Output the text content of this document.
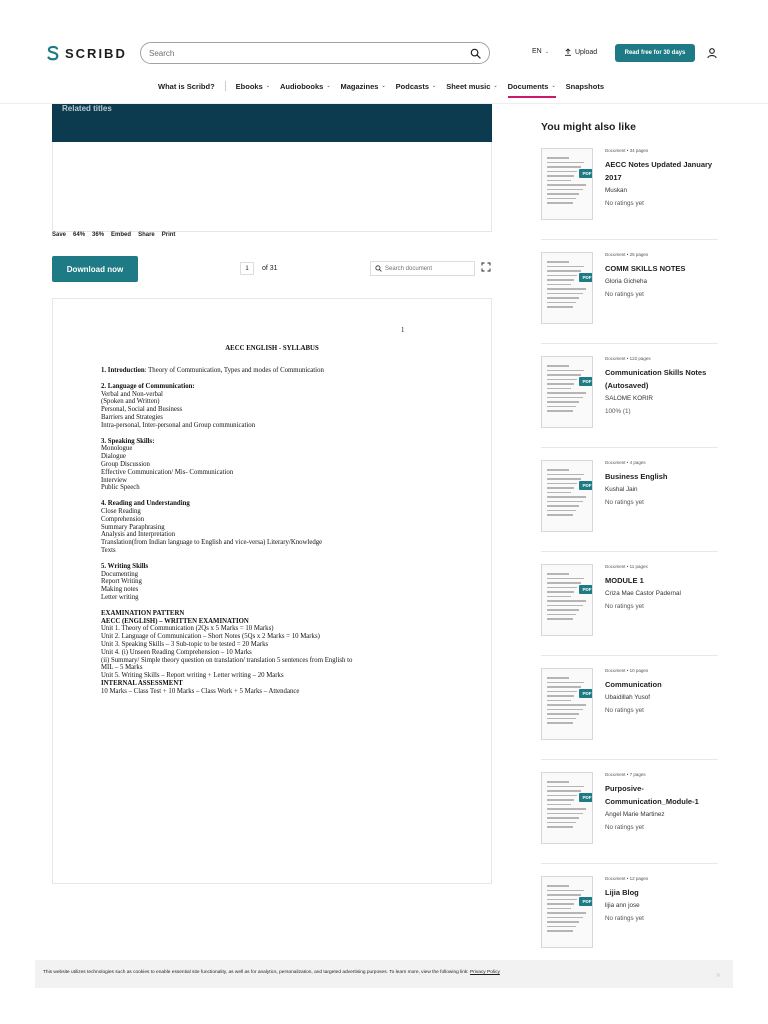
SCRIBD	Search	EN ⌄	Upload	Read free for 30 days
What is Scribd?	Ebooks ⌄ Audiobooks ⌄ Magazines ⌄ Podcasts ⌄ Sheet music ⌄ Documents ⌄ Snapshots
Related titles
Save 64% 36% Embed Share Print
Download now	1	of 31	Search document
1
AECC ENGLISH - SYLLABUS
1. Introduction: Theory of Communication, Types and modes of Communication
2. Language of Communication:
Verbal and Non-verbal
(Spoken and Written)
Personal, Social and Business
Barriers and Strategies
Intra-personal, Inter-personal and Group communication
3. Speaking Skills:
Monologue
Dialogue
Group Discussion
Effective Communication/ Mis- Communication
Interview
Public Speech
4. Reading and Understanding
Close Reading
Comprehension
Summary Paraphrasing
Analysis and Interpretation
Translation(from Indian language to English and vice-versa) Literary/Knowledge
Texts
5. Writing Skills
Documenting
Report Writing
Making notes
Letter writing
EXAMINATION PATTERN
AECC (ENGLISH) – WRITTEN EXAMINATION
Unit 1. Theory of Communication (2Qs x 5 Marks = 10 Marks)
Unit 2. Language of Communication – Short Notes (5Qs x 2 Marks = 10 Marks)
Unit 3. Speaking Skills – 3 Sub-topic to be tested = 20 Marks
Unit 4. (i) Unseen Reading Comprehension – 10 Marks
(ii) Summary/ Simple theory question on translation/ translation 5 sentences from English to
MIL – 5 Marks
Unit 5. Writing Skills – Report writing + Letter writing – 20 Marks
INTERNAL ASSESSMENT
10 Marks – Class Test + 10 Marks – Class Work + 5 Marks – Attendance
You might also like
PDF
Document • 34 pages
AECC Notes Updated January 2017
Muskan
No ratings yet
PDF
Document • 25 pages
COMM SKILLS NOTES
Gloria Gicheha
No ratings yet
PDF
Document • 122 pages
Communication Skills Notes (Autosaved)
SALOME KORIR
100% (1)
PDF
Document • 4 pages
Business English
Kushal Jain
No ratings yet
PDF
Document • 11 pages
MODULE 1
Criza Mae Castor Padernal
No ratings yet
PDF
Document • 10 pages
Communication
Ubaidillah Yusof
No ratings yet
PDF
Document • 7 pages
Purposive-Communication_Module-1
Angel Marie Martinez
No ratings yet
PDF
Document • 12 pages
Lijia Blog
lijia ann jose
No ratings yet
This website utilizes technologies such as cookies to enable essential site functionality, as well as for analytics, personalization, and targeted advertising purposes. To learn more, view the following link: Privacy Policy	×
